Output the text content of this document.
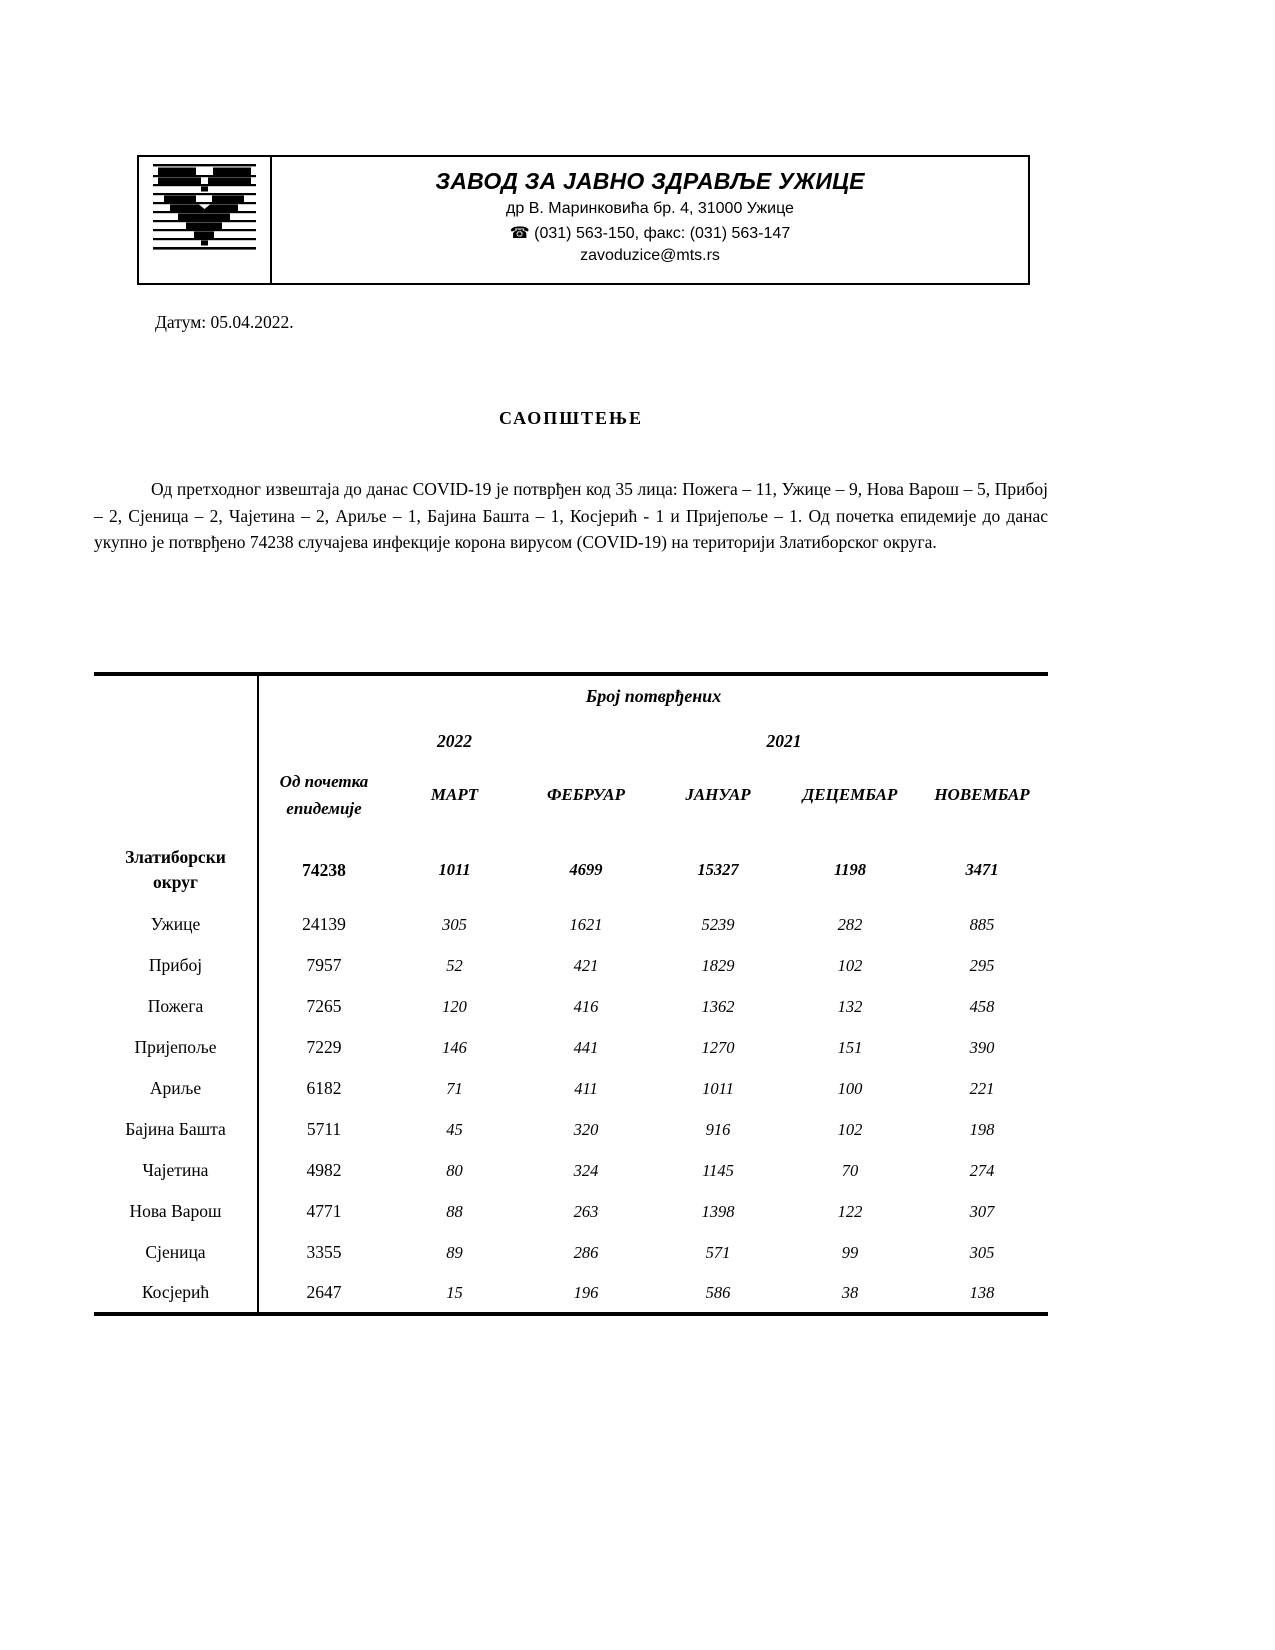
ЗАВОД ЗА ЈАВНО ЗДРАВЉЕ УЖИЦЕ
др В. Маринковића бр. 4, 31000 Ужице
☎ (031) 563-150, факс: (031) 563-147
zavoduzice@mts.rs
Датум: 05.04.2022.
САОПШТЕЊЕ

Од претходног извештаја до данас COVID-19 је потврђен код 35 лица: Пожега – 11, Ужице – 9, Нова Варош – 5, Прибој – 2, Сјеница – 2, Чајетина – 2, Ариље – 1, Бајина Башта – 1, Косјерић - 1 и Пријепоље – 1. Од почетка епидемије до данас укупно је потврђено 74238 случајева инфекције корона вирусом (COVID-19) на територији Златиборског округа.

	Број потврђених					
		2022		2021		

	Од почетка епидемије	МАРТ	ФЕБРУАР	ЈАНУАР	ДЕЦЕМБАР	НОВЕМБАР

Златиборски округ	74238	1011	4699	15327	1198	3471
Ужице	24139	305	1621	5239	282	885
Прибој	7957	52	421	1829	102	295
Пожега	7265	120	416	1362	132	458
Пријепоље	7229	146	441	1270	151	390
Ариље	6182	71	411	1011	100	221
Бајина Башта	5711	45	320	916	102	198
Чајетина	4982	80	324	1145	70	274
Нова Варош	4771	88	263	1398	122	307
Сјеница	3355	89	286	571	99	305
Косјерић	2647	15	196	586	38	138
